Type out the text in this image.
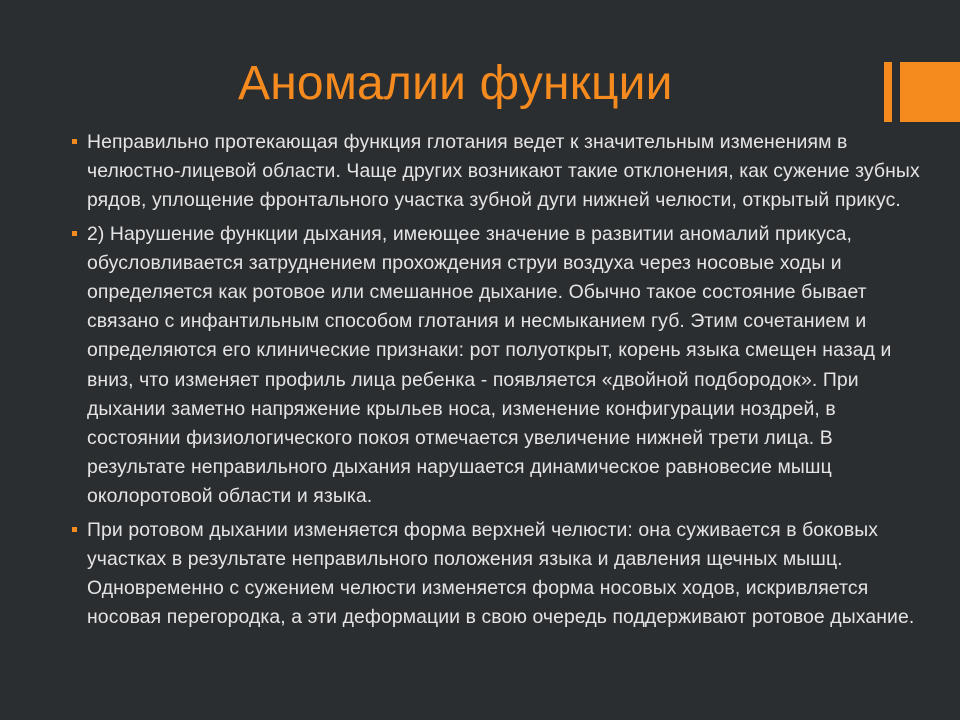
Аномалии функции
Неправильно протекающая функция глотания ведет к значительным изменениям в челюстно-лицевой области. Чаще других возникают такие отклонения, как сужение зубных рядов, уплощение фронтального участка зубной дуги нижней челюсти, открытый прикус.
2) Нарушение функции дыхания, имеющее значение в развитии аномалий прикуса, обусловливается затруднением прохождения струи воздуха через носовые ходы и определяется как ротовое или смешанное дыхание. Обычно такое состояние бывает связано с инфантильным способом глотания и несмыканием губ. Этим сочетанием и определяются его клинические признаки: рот полуоткрыт, корень языка смещен назад и вниз, что изменяет профиль лица ребенка - появляется «двойной подбородок». При дыхании заметно напряжение крыльев носа, изменение конфигурации ноздрей, в состоянии физиологического покоя отмечается увеличение нижней трети лица. В результате неправильного дыхания нарушается динамическое равновесие мышц околоротовой области и языка.
При ротовом дыхании изменяется форма верхней челюсти: она суживается в боковых участках в результате неправильного положения языка и давления щечных мышц. Одновременно с сужением челюсти изменяется форма носовых ходов, искривляется носовая перегородка, а эти деформации в свою очередь поддерживают ротовое дыхание.
